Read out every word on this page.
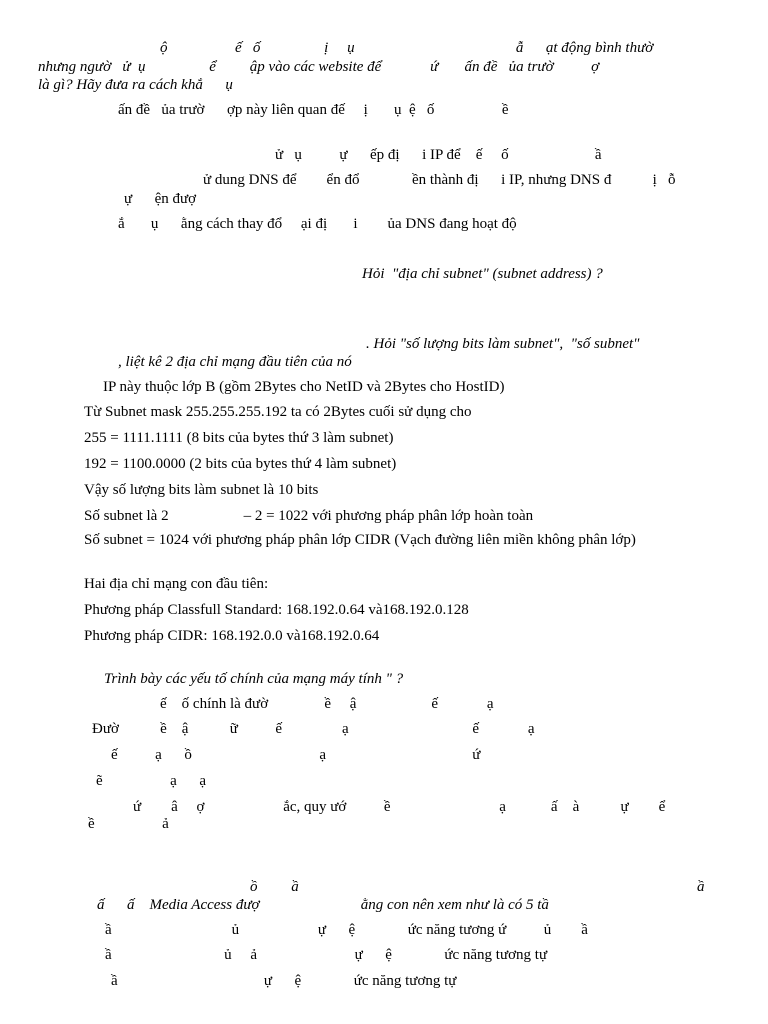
ộ                  ế   ố                 ị     ụ                                           ẫ      ạt động bình thườ
nhưng ngườ   ử  ụ                 ể         ập vào các website để             ứ       ấn đề   ủa trườ          ợ
là gì? Hãy đưa ra cách khắ      ụ
ấn đề   ủa trườ      ợp này liên quan đế     ị       ụ  ệ   ố                  ề
ử   ụ          ự      ếp đị      i IP để    ế     ố                       ầ
ử dung DNS để        ển đổ              ền thành đị      i IP, nhưng DNS đ           ị   ỗ
ự      ện đượ
ắ       ụ      ằng cách thay đổ     ại đị       i        ủa DNS đang hoạt độ
Hỏi  "địa chỉ subnet" (subnet address) ?
. Hỏi "số lượng bits làm subnet",  "số subnet"
, liệt kê 2 địa chỉ mạng đầu tiên của nó
IP này thuộc lớp B (gồm 2Bytes cho NetID và 2Bytes cho HostID)
Từ Subnet mask 255.255.255.192 ta có 2Bytes cuối sử dụng cho
255 = 1111.1111 (8 bits của bytes thứ 3 làm subnet)
192 = 1100.0000 (2 bits của bytes thứ 4 làm subnet)
Vậy số lượng bits làm subnet là 10 bits
Số subnet là 2                    – 2 = 1022 với phương pháp phân lớp hoàn toàn
Số subnet = 1024 với phương pháp phân lớp CIDR (Vạch đường liên miền không phân lớp)
Hai địa chỉ mạng con đầu tiên:
Phương pháp Classfull Standard: 168.192.0.64 và168.192.0.128
Phương pháp CIDR: 168.192.0.0 và168.192.0.64
Trình bày các yếu tố chính của mạng máy tính " ?
ế    ố chính là đườ               ề     ậ                    ế             ạ
Đườ           ề    ậ           ữ          ế                ạ                                 ế             ạ
ế          ạ      ồ                                  ạ                                       ứ
ẽ                  ạ      ạ
ứ        â     ợ                     ắc, quy ướ          ề                             ạ            ấ    à           ự        ể
ề                  ả
ồ         ầ	ầ
ấ      ấ    Media Access đượ                           ằng con nên xem như là có 5 tầ
ầ                                ủ                     ự      ệ              ức năng tương ứ          ủ        ầ
ầ                              ủ     ả                          ự      ệ              ức năng tương tự
ầ                                       ự      ệ              ức năng tương tự
